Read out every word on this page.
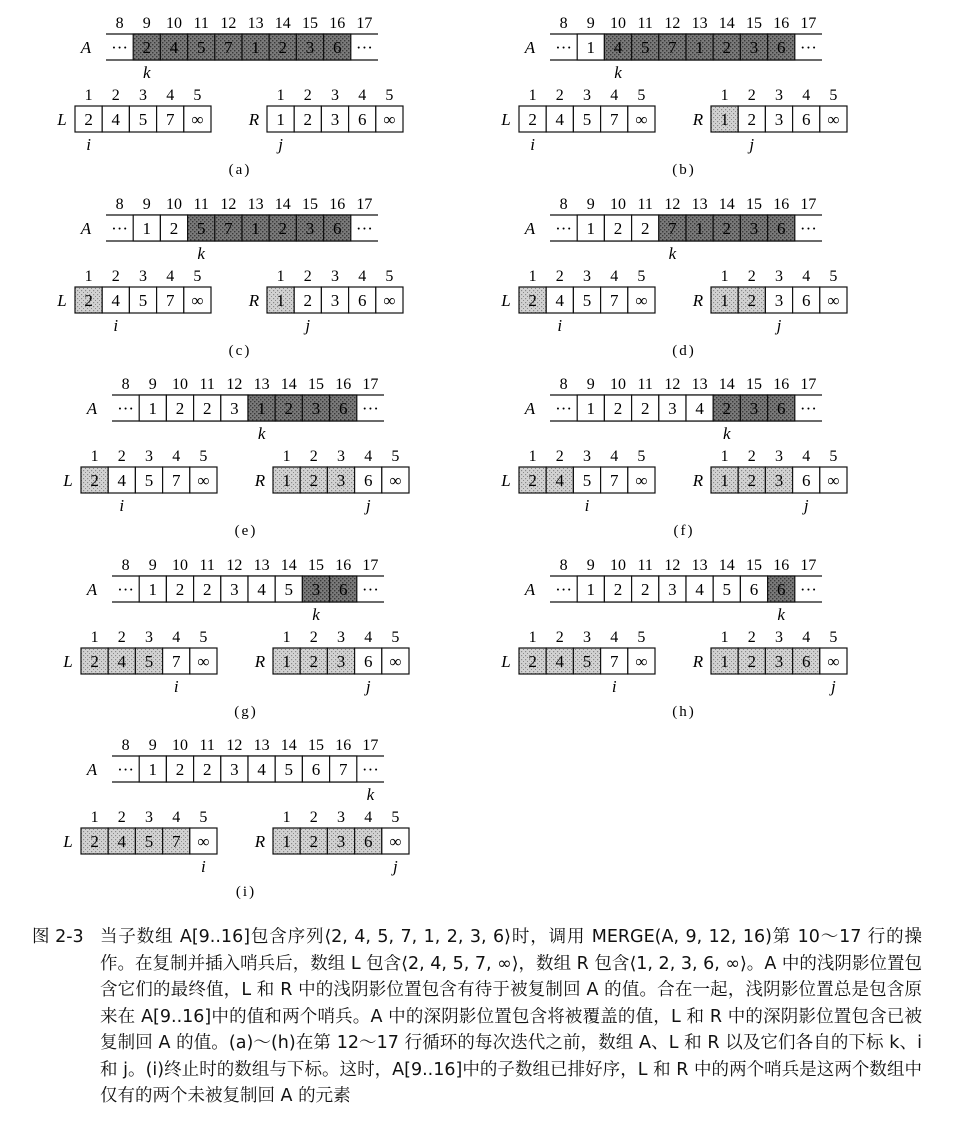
A ···
8
2
9
4
10
5
11
7
12
1
13
2
14
3
15
6
16
···
17
k
L 2
1
4
2
5
3
7
4
∞
5
i
R 1
1
2
2
3
3
6
4
∞
5
j
(a)
A ···
8
1
9
4
10
5
11
7
12
1
13
2
14
3
15
6
16
···
17
k
L 2
1
4
2
5
3
7
4
∞
5
i
R 1
1
2
2
3
3
6
4
∞
5
j
(b)
A ···
8
1
9
2
10
5
11
7
12
1
13
2
14
3
15
6
16
···
17
k
L 2
1
4
2
5
3
7
4
∞
5
i
R 1
1
2
2
3
3
6
4
∞
5
j
(c)
A ···
8
1
9
2
10
2
11
7
12
1
13
2
14
3
15
6
16
···
17
k
L 2
1
4
2
5
3
7
4
∞
5
i
R 1
1
2
2
3
3
6
4
∞
5
j
(d)
A ···
8
1
9
2
10
2
11
3
12
1
13
2
14
3
15
6
16
···
17
k
L 2
1
4
2
5
3
7
4
∞
5
i
R 1
1
2
2
3
3
6
4
∞
5
j
(e)
A ···
8
1
9
2
10
2
11
3
12
4
13
2
14
3
15
6
16
···
17
k
L 2
1
4
2
5
3
7
4
∞
5
i
R 1
1
2
2
3
3
6
4
∞
5
j
(f)
A ···
8
1
9
2
10
2
11
3
12
4
13
5
14
3
15
6
16
···
17
k
L 2
1
4
2
5
3
7
4
∞
5
i
R 1
1
2
2
3
3
6
4
∞
5
j
(g)
A ···
8
1
9
2
10
2
11
3
12
4
13
5
14
6
15
6
16
···
17
k
L 2
1
4
2
5
3
7
4
∞
5
i
R 1
1
2
2
3
3
6
4
∞
5
j
(h)
A ···
8
1
9
2
10
2
11
3
12
4
13
5
14
6
15
7
16
···
17
k
L 2
1
4
2
5
3
7
4
∞
5
i
R 1
1
2
2
3
3
6
4
∞
5
j
(i)
图 2-3 当子数组 A[9..16]包含序列⟨2, 4, 5, 7, 1, 2, 3, 6⟩时，调用 MERGE(A, 9, 12, 16)第 10～17 行的操作。在复制并插入哨兵后，数组 L 包含⟨2, 4, 5, 7, ∞⟩，数组 R 包含⟨1, 2, 3, 6, ∞⟩。A 中的浅阴影位置包含它们的最终值，L 和 R 中的浅阴影位置包含有待于被复制回 A 的值。合在一起，浅阴影位置总是包含原来在 A[9..16]中的值和两个哨兵。A 中的深阴影位置包含将被覆盖的值，L 和 R 中的深阴影位置包含已被复制回 A 的值。(a)～(h)在第 12～17 行循环的每次迭代之前，数组 A、L 和 R 以及它们各自的下标 k、i 和 j。(i)终止时的数组与下标。这时，A[9..16]中的子数组已排好序，L 和 R 中的两个哨兵是这两个数组中仅有的两个未被复制回 A 的元素
